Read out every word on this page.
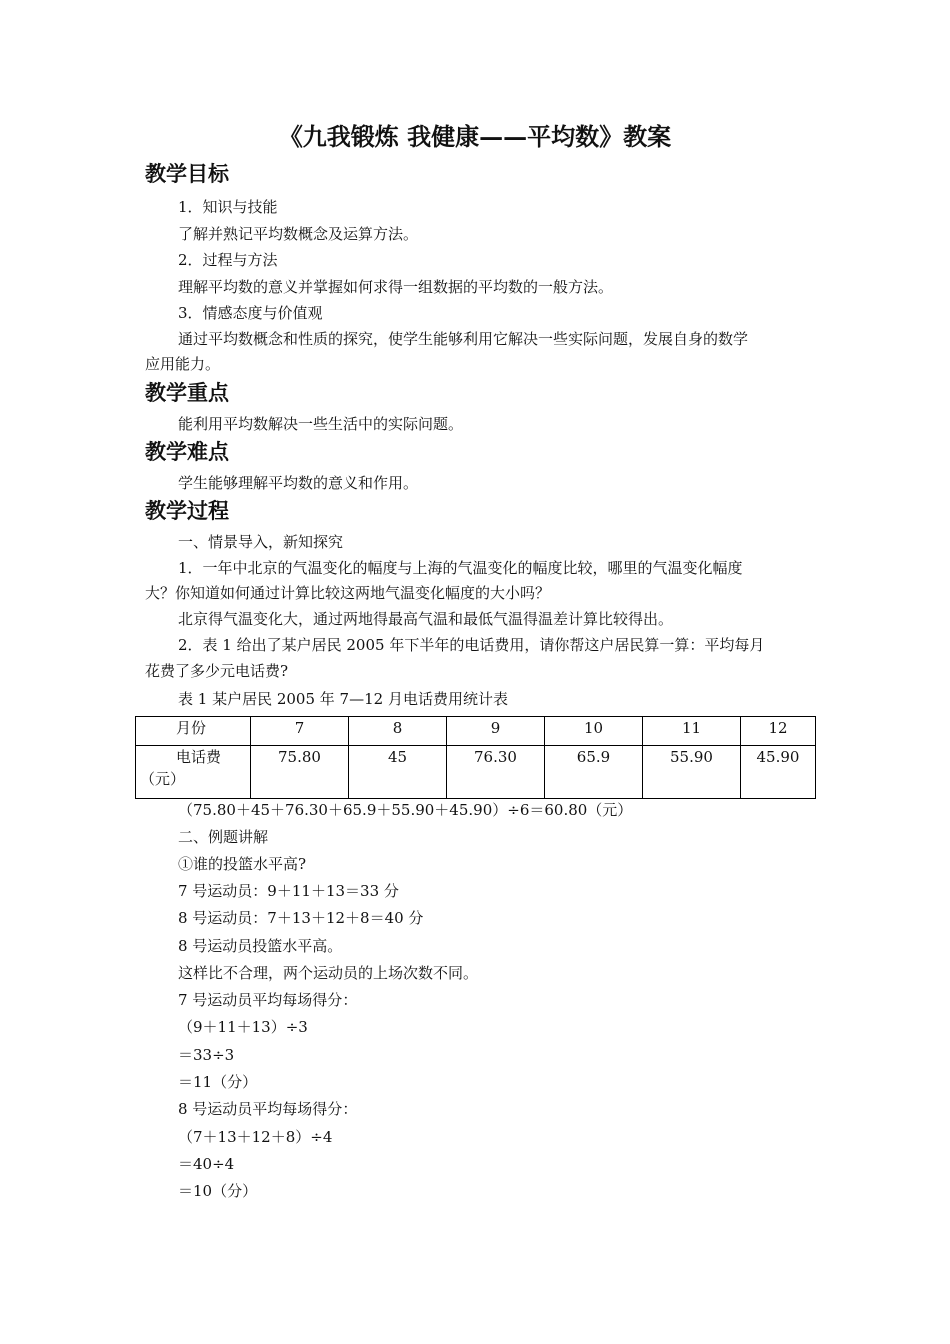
《九我锻炼 我健康——平均数》教案
教学目标
1．知识与技能
了解并熟记平均数概念及运算方法。
2．过程与方法
理解平均数的意义并掌握如何求得一组数据的平均数的一般方法。
3．情感态度与价值观
通过平均数概念和性质的探究，使学生能够利用它解决一些实际问题，发展自身的数学
应用能力。
教学重点
能利用平均数解决一些生活中的实际问题。
教学难点
学生能够理解平均数的意义和作用。
教学过程
一、情景导入，新知探究
1．一年中北京的气温变化的幅度与上海的气温变化的幅度比较，哪里的气温变化幅度
大？你知道如何通过计算比较这两地气温变化幅度的大小吗？
北京得气温变化大，通过两地得最高气温和最低气温得温差计算比较得出。
2．表 1 给出了某户居民 2005 年下半年的电话费用，请你帮这户居民算一算：平均每月
花费了多少元电话费?
表 1 某户居民 2005 年 7—12 月电话费用统计表
月份	7	8	9	10	11	12

电话费
（元）	75.80	45	76.30	65.9	55.90	45.90
（75.80＋45＋76.30＋65.9＋55.90＋45.90）÷6＝60.80（元）
二、例题讲解
①谁的投篮水平高?
7 号运动员：9＋11＋13＝33 分
8 号运动员：7＋13＋12＋8＝40 分
8 号运动员投篮水平高。
这样比不合理，两个运动员的上场次数不同。
7 号运动员平均每场得分：
（9＋11＋13）÷3
＝33÷3
＝11（分）
8 号运动员平均每场得分：
（7＋13＋12＋8）÷4
＝40÷4
＝10（分）
